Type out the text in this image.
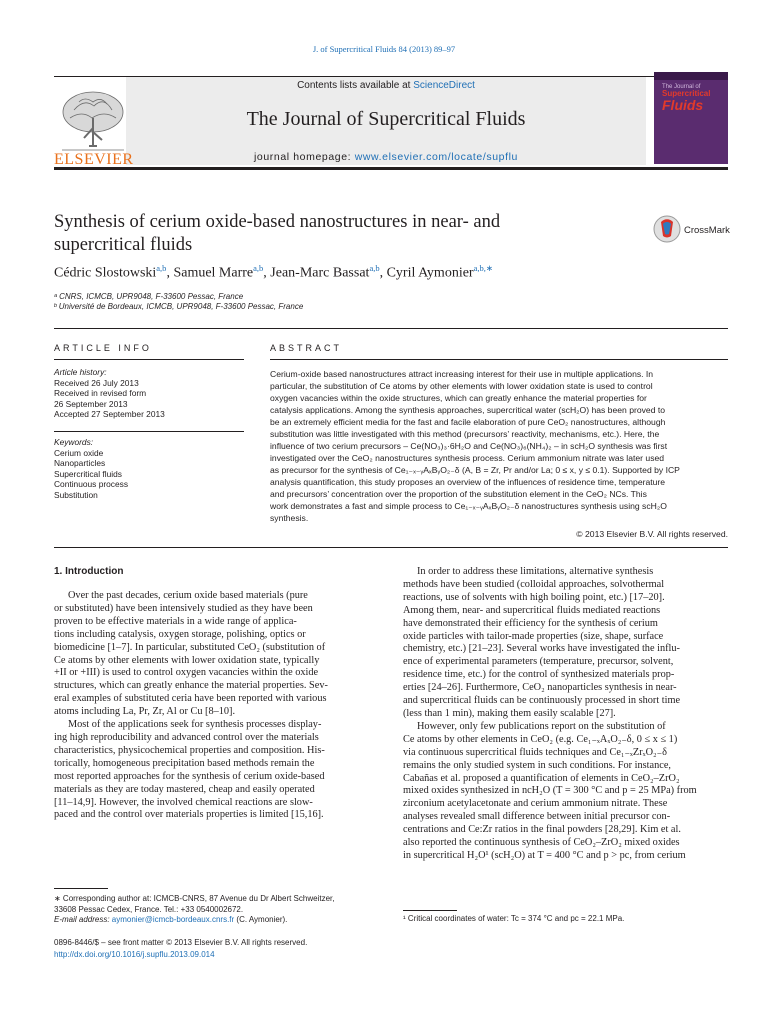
J. of Supercritical Fluids 84 (2013) 89–97
ELSEVIER
Contents lists available at ScienceDirect
The Journal of Supercritical Fluids
journal homepage: www.elsevier.com/locate/supflu
The Journal of
Supercritical
Fluids
Synthesis of cerium oxide-based nanostructures in near- and
supercritical fluids
CrossMark
Cédric Slostowski$^{a,b}$, Samuel Marre$^{a,b}$, Jean-Marc Bassat$^{a,b}$, Cyril Aymonier$^{a,b,∗}$
ᵃ CNRS, ICMCB, UPR9048, F-33600 Pessac, France
ᵇ Université de Bordeaux, ICMCB, UPR9048, F-33600 Pessac, France
ARTICLE INFO
Article history:
Received 26 July 2013
Received in revised form
26 September 2013
Accepted 27 September 2013
Keywords:
Cerium oxide
Nanoparticles
Supercritical fluids
Continuous process
Substitution
ABSTRACT
Cerium-oxide based nanostructures attract increasing interest for their use in multiple applications. In
particular, the substitution of Ce atoms by other elements with lower oxidation state is used to control
oxygen vacancies within the oxide structures, which can greatly enhance the material properties for
catalysis applications. Among the synthesis approaches, supercritical water (scH₂O) has been proved to
be an extremely efficient media for the fast and facile elaboration of pure CeO₂ nanostructures, although
substitution was little investigated with this method (precursors’ reactivity, mechanisms, etc.). Here, the
influence of two cerium precursors – Ce(NO₃)₃·6H₂O and Ce(NO₃)₆(NH₄)₂ – in scH₂O synthesis was first
investigated over the CeO₂ nanostructures synthesis process. Cerium ammonium nitrate was later used
as precursor for the synthesis of Ce₁₋ₓ₋ᵧAₓBᵧO₂₋δ (A, B = Zr, Pr and/or La; 0 ≤ x, y ≤ 0.1). Supported by ICP
analysis quantification, this study proposes an overview of the influences of residence time, temperature
and precursors’ concentration over the proportion of the substitution element in the CeO₂ NCs. This
work demonstrates a fast and simple process to Ce₁₋ₓ₋ᵧAₓBᵧO₂₋δ nanostructures synthesis using scH₂O
synthesis.
© 2013 Elsevier B.V. All rights reserved.
1. Introduction

Over the past decades, cerium oxide based materials (pure

or substituted) have been intensively studied as they have been

proven to be effective materials in a wide range of applica-

tions including catalysis, oxygen storage, polishing, optics or

biomedicine [1–7]. In particular, substituted CeO₂ (substitution of

Ce atoms by other elements with lower oxidation state, typically

+II or +III) is used to control oxygen vacancies within the oxide

structures, which can greatly enhance the material properties. Sev-

eral examples of substituted ceria have been reported with various

atoms including La, Pr, Zr, Al or Cu [8–10].

Most of the applications seek for synthesis processes display-

ing high reproducibility and advanced control over the materials

characteristics, physicochemical properties and composition. His-

torically, homogeneous precipitation based methods remain the

most reported approaches for the synthesis of cerium oxide-based

materials as they are today mastered, cheap and easily operated

[11–14,9]. However, the involved chemical reactions are slow-

paced and the control over materials properties is limited [15,16].

∗ Corresponding author at: ICMCB-CNRS, 87 Avenue du Dr Albert Schweitzer,
33608 Pessac Cedex, France. Tel.: +33 0540002672.
E-mail address: aymonier@icmcb-bordeaux.cnrs.fr (C. Aymonier).
0896-8446/$ – see front matter © 2013 Elsevier B.V. All rights reserved.
http://dx.doi.org/10.1016/j.supflu.2013.09.014

In order to address these limitations, alternative synthesis

methods have been studied (colloidal approaches, solvothermal

reactions, use of solvents with high boiling point, etc.) [17–20].

Among them, near- and supercritical fluids mediated reactions

have demonstrated their efficiency for the synthesis of cerium

oxide particles with tailor-made properties (size, shape, surface

chemistry, etc.) [21–23]. Several works have investigated the influ-

ence of experimental parameters (temperature, precursor, solvent,

residence time, etc.) for the control of synthesized materials prop-

erties [24–26]. Furthermore, CeO₂ nanoparticles synthesis in near-

and supercritical fluids can be continuously processed in short time

(less than 1 min), making them easily scalable [27].

However, only few publications report on the substitution of

Ce atoms by other elements in CeO₂ (e.g. Ce₁₋ₓAₓO₂₋δ, 0 ≤ x ≤ 1)

via continuous supercritical fluids techniques and Ce₁₋ₓZrₓO₂₋δ

remains the only studied system in such conditions. For instance,

Cabañas et al. proposed a quantification of elements in CeO₂–ZrO₂

mixed oxides synthesized in ncH₂O (T = 300 °C and p = 25 MPa) from

zirconium acetylacetonate and cerium ammonium nitrate. These

analyses revealed small difference between initial precursor con-

centrations and Ce:Zr ratios in the final powders [28,29]. Kim et al.

also reported the continuous synthesis of CeO₂–ZrO₂ mixed oxides

in supercritical H₂O¹ (scH₂O) at T = 400 °C and p > pc, from cerium

¹ Critical coordinates of water: Tc = 374 °C and pc = 22.1 MPa.
